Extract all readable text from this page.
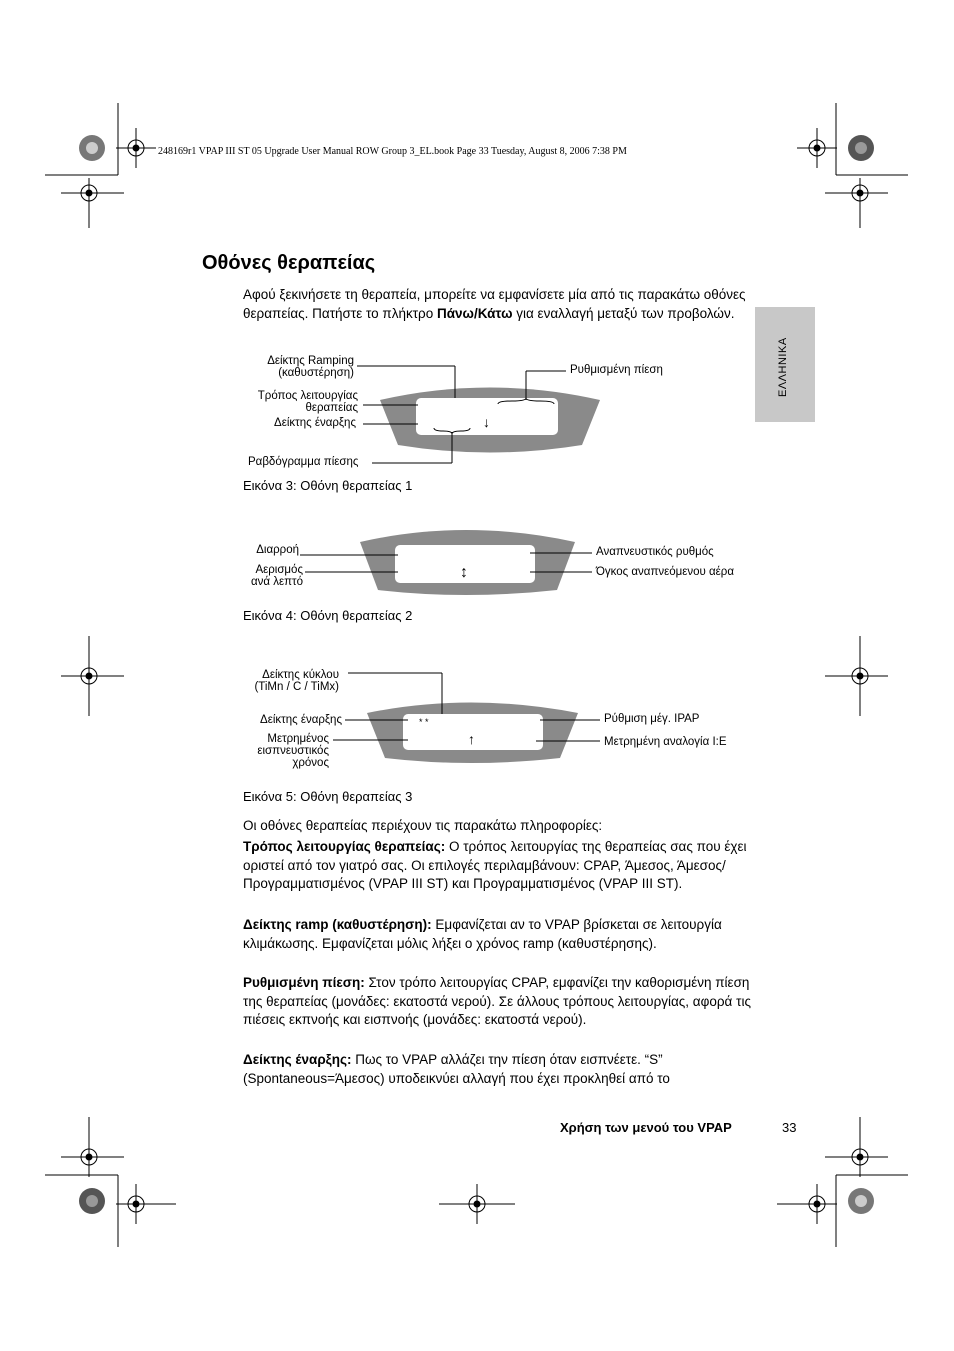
248169r1 VPAP III ST 05 Upgrade User Manual ROW Group 3_EL.book Page 33 Tuesday, August 8, 2006 7:38 PM
ΕΛΛΗΝΙΚΑ
Οθόνες θεραπείας

Αφού ξεκινήσετε τη θεραπεία, μπορείτε να εμφανίσετε μία από τις παρακάτω οθόνες θεραπείας. Πατήστε το πλήκτρο Πάνω/Κάτω για εναλλαγή μεταξύ των προβολών.

Δείκτης Ramping
(καθυστέρηση)
Τρόπος λειτουργίας
θεραπείας
Δείκτης έναρξης
Ραβδόγραμμα πίεσης
Ρυθμισμένη πίεση
↓
Εικόνα 3: Οθόνη θεραπείας 1
Διαρροή
Αερισμός
ανά λεπτό
Αναπνευστικός ρυθμός
Όγκος αναπνεόμενου αέρα
↕
Εικόνα 4: Οθόνη θεραπείας 2
Δείκτης κύκλου
(TiMn / C / TiMx)
Δείκτης έναρξης
Μετρημένος
εισπνευστικός
χρόνος
Ρύθμιση μέγ. IPAP
Μετρημένη αναλογία I:E
* *
↑
Εικόνα 5: Οθόνη θεραπείας 3

Οι οθόνες θεραπείας περιέχουν τις παρακάτω πληροφορίες:

Τρόπος λειτουργίας θεραπείας: Ο τρόπος λειτουργίας της θεραπείας σας που έχει οριστεί από τον γιατρό σας. Οι επιλογές περιλαμβάνουν: CPAP, Άμεσος, Άμεσος/Προγραμματισμένος (VPAP III ST) και Προγραμματισμένος (VPAP III ST).

Δείκτης ramp (καθυστέρηση): Εμφανίζεται αν το VPAP βρίσκεται σε λειτουργία κλιμάκωσης. Εμφανίζεται μόλις λήξει ο χρόνος ramp (καθυστέρησης).

Ρυθμισμένη πίεση: Στον τρόπο λειτουργίας CPAP, εμφανίζει την καθορισμένη πίεση της θεραπείας (μονάδες: εκατοστά νερού). Σε άλλους τρόπους λειτουργίας, αφορά τις πιέσεις εκπνοής και εισπνοής (μονάδες: εκατοστά νερού).

Δείκτης έναρξης: Πως το VPAP αλλάζει την πίεση όταν εισπνέετε. “S” (Spontaneous=Άμεσος) υποδεικνύει αλλαγή που έχει προκληθεί από το

Χρήση των μενού του VPAP	33
